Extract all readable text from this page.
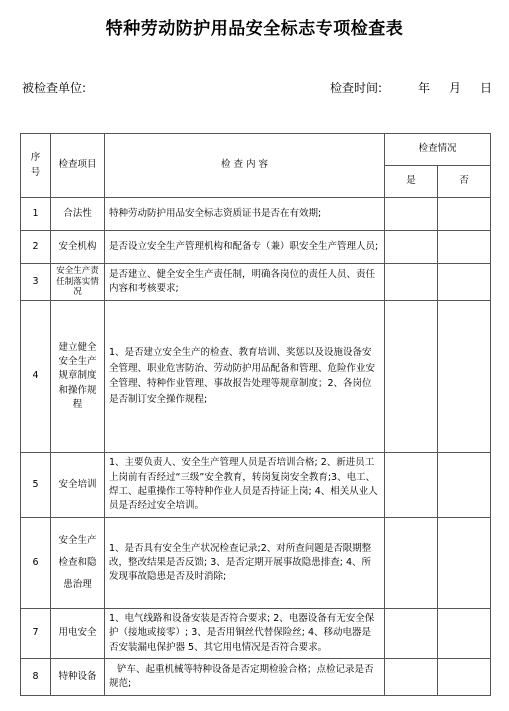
特种劳动防护用品安全标志专项检查表
被检查单位:	检查时间:	年 月 日
序号	检查项目	检 查 内 容	检查情况	
			是	否
1	合法性	特种劳动防护用品安全标志资质证书是否在有效期;		
2	安全机构	是否设立安全生产管理机构和配备专（兼）职安全生产管理人员;		
3	安全生产责任制落实情况	是否建立、健全安全生产责任制，明确各岗位的责任人员、责任内容和考核要求;		
4	建立健全安全生产规章制度和操作规程	1、是否建立安全生产的检查、教育培训、奖惩以及设施设备安全管理、职业危害防治、劳动防护用品配备和管理、危险作业安全管理、特种作业管理、事故报告处理等规章制度；2、各岗位是否制订安全操作规程;		
5	安全培训	1、主要负责人、安全生产管理人员是否培训合格; 2、新进员工上岗前有否经过“三级”安全教育，转岗复岗安全教育;3、电工、焊工、起重操作工等特种作业人员是否持证上岗; 4、相关从业人员是否经过安全培训。		
6	安全生产检查和隐患治理	1、是否具有安全生产状况检查记录;2、对所查问题是否限期整改，整改结果是否反馈; 3、是否定期开展事故隐患排查; 4、所发现事故隐患是否及时消除;		
7	用电安全	1、电气线路和设备安装是否符合要求; 2、电器设备有无安全保护（接地或接零）; 3、是否用铜丝代替保险丝; 4、移动电器是否安装漏电保护器 5、其它用电情况是否符合要求。		
8	特种设备	铲车、起重机械等特种设备是否定期检验合格；点检记录是否规范;		
